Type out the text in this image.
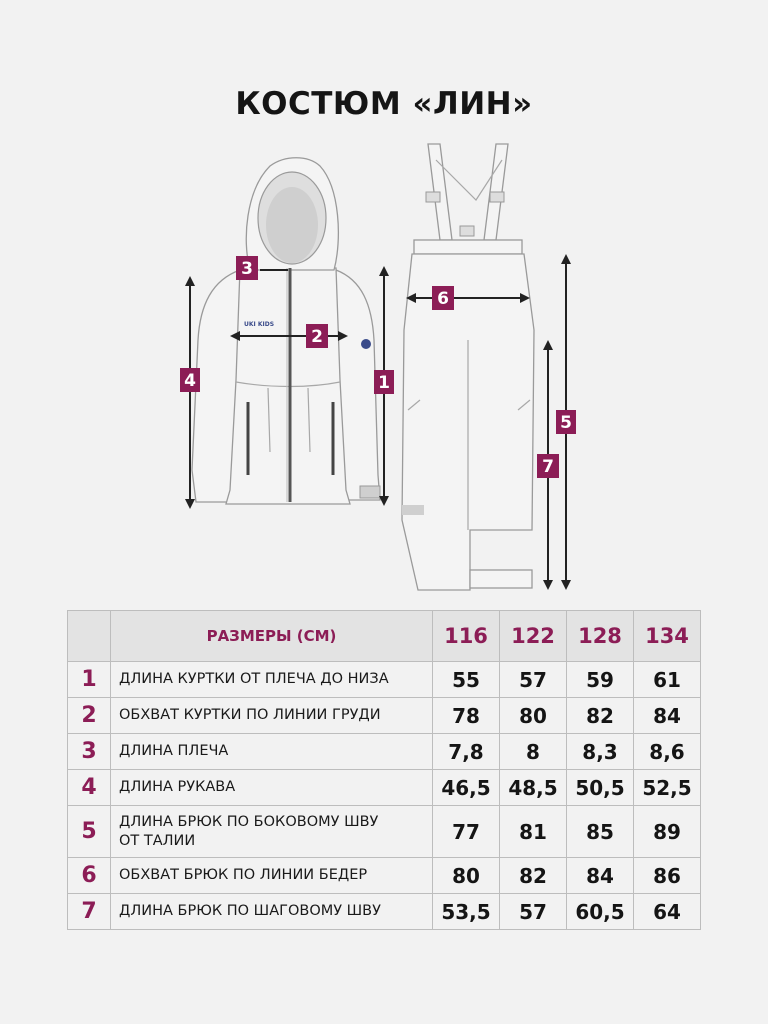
КОСТЮМ «ЛИН»
UKI KIDS
1
2
3
4
5
6
7
	РАЗМЕРЫ (СМ)	116	122	128	134
1	ДЛИНА КУРТКИ ОТ ПЛЕЧА ДО НИЗА	55	57	59	61
2	ОБХВАТ КУРТКИ ПО ЛИНИИ ГРУДИ	78	80	82	84
3	ДЛИНА ПЛЕЧА	7,8	8	8,3	8,6
4	ДЛИНА РУКАВА	46,5	48,5	50,5	52,5
5	ДЛИНА БРЮК ПО БОКОВОМУ ШВУ ОТ ТАЛИИ	77	81	85	89
6	ОБХВАТ БРЮК ПО ЛИНИИ БЕДЕР	80	82	84	86
7	ДЛИНА БРЮК ПО ШАГОВОМУ ШВУ	53,5	57	60,5	64
